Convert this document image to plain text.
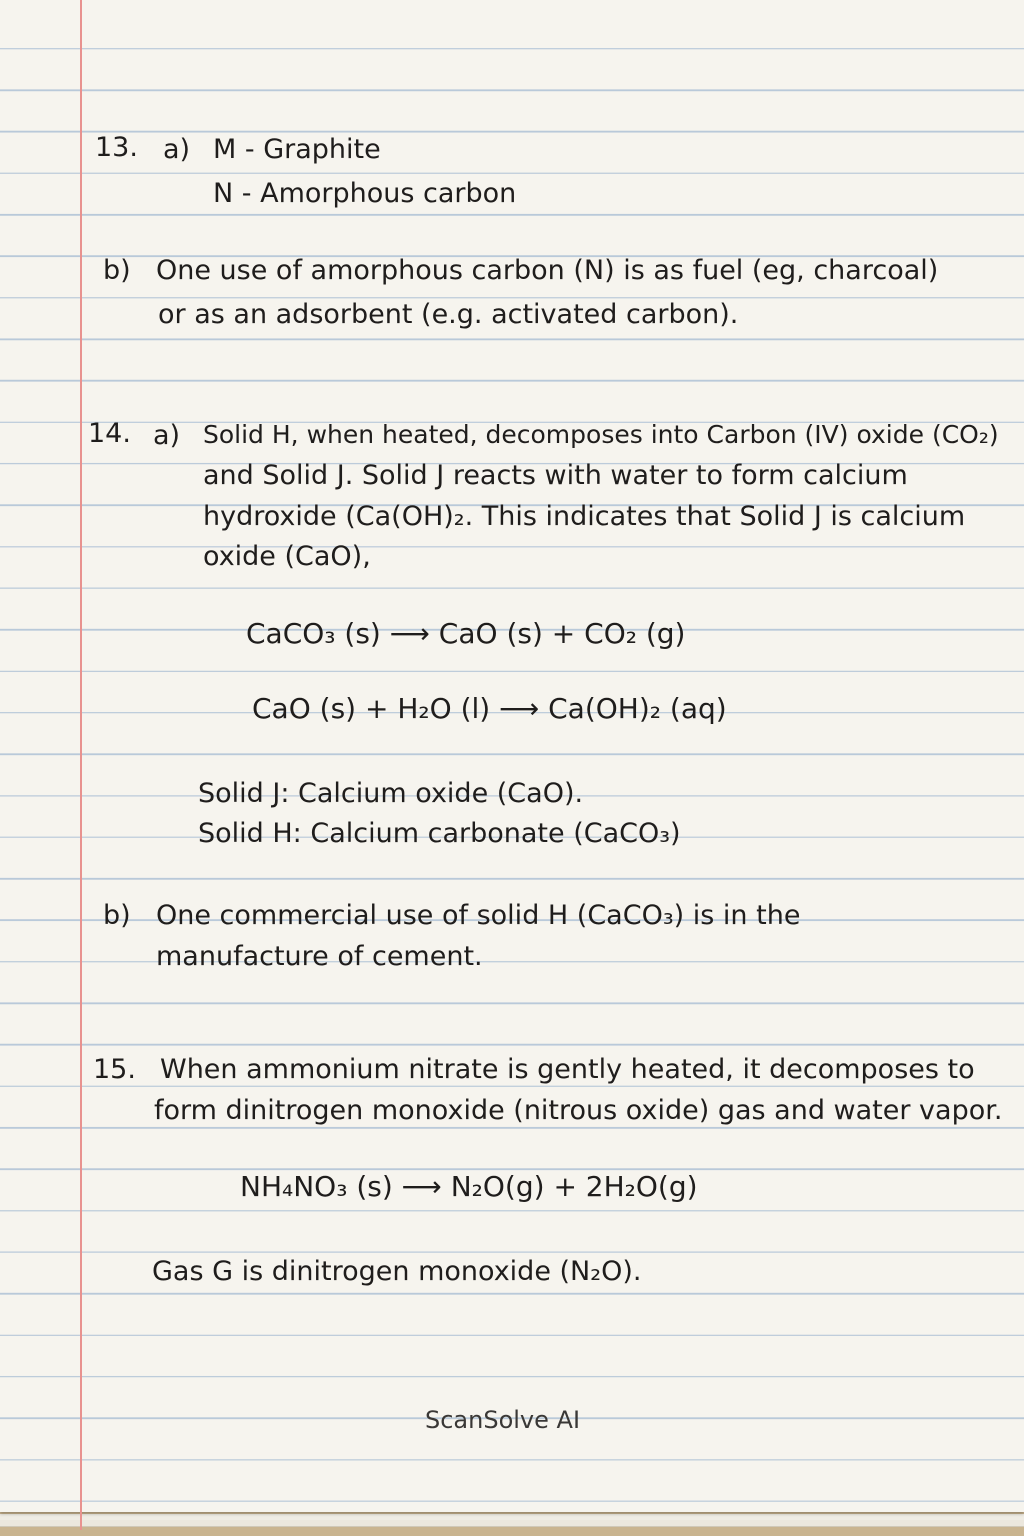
13. a) M - Graphite
N - Amorphous carbon
b) One use of amorphous carbon (N) is as fuel (eg, charcoal)
or as an adsorbent (e.g. activated carbon).
14. a) Solid H, when heated, decomposes into Carbon (IV) oxide (CO₂)
and Solid J. Solid J reacts with water to form calcium
hydroxide (Ca(OH)₂. This indicates that Solid J is calcium
oxide (CaO),
CaCO₃ (s) ⟶ CaO (s) + CO₂ (g)
CaO (s) + H₂O (l) ⟶ Ca(OH)₂ (aq)
Solid J: Calcium oxide (CaO).
Solid H: Calcium carbonate (CaCO₃)
b) One commercial use of solid H (CaCO₃) is in the
manufacture of cement.
15. When ammonium nitrate is gently heated, it decomposes to
form dinitrogen monoxide (nitrous oxide) gas and water vapor.
NH₄NO₃ (s) ⟶ N₂O(g) + 2H₂O(g)
Gas G is dinitrogen monoxide (N₂O).
ScanSolve AI
